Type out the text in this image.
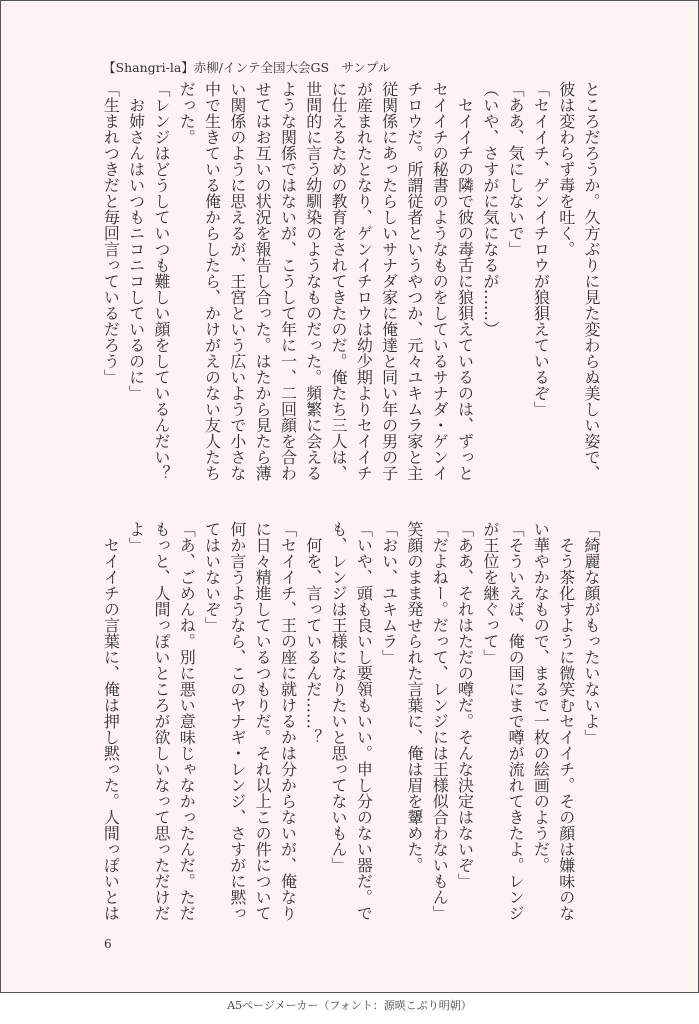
【Shangri-la】赤柳/インテ全国大会GS　サンプル
ところだろうか。久方ぶりに見た変わらぬ美しい姿で、
彼は変わらず毒を吐く。
「セイイチ、ゲンイチロウが狼狽えているぞ」
「ああ、気にしないで」
（いや、さすがに気になるが……）
　セイイチの隣で彼の毒舌に狼狽えているのは、ずっと
セイイチの秘書のようなものをしているサナダ・ゲンイ
チロウだ。所謂従者というやつか、元々ユキムラ家と主
従関係にあったらしいサナダ家に俺達と同い年の男の子
が産まれたとなり、ゲンイチロウは幼少期よりセイイチ
に仕えるための教育をされてきたのだ。俺たち三人は、
世間的に言う幼馴染のようなものだった。頻繁に会える
ような関係ではないが、こうして年に一、二回顔を合わ
せてはお互いの状況を報告し合った。はたから見たら薄
い関係のように思えるが、王宮という広いようで小さな
中で生きている俺からしたら、かけがえのない友人たち
だった。
「レンジはどうしていつも難しい顔をしているんだい？
　お姉さんはいつもニコニコしているのに」
「生まれつきだと毎回言っているだろう」
「綺麗な顔がもったいないよ」
　そう茶化すように微笑むセイイチ。その顔は嫌味のな
い華やかなもので、まるで一枚の絵画のようだ。
「そういえば、俺の国にまで噂が流れてきたよ。レンジ
が王位を継ぐって」
「ああ、それはただの噂だ。そんな決定はないぞ」
「だよねー。だって、レンジには王様似合わないもん」
笑顔のまま発せられた言葉に、俺は眉を顰めた。
「おい、ユキムラ」
「いや、頭も良いし要領もいい。申し分のない器だ。で
も、レンジは王様になりたいと思ってないもん」
　何を、言っているんだ……？
「セイイチ、王の座に就けるかは分からないが、俺なり
に日々精進しているつもりだ。それ以上この件について
何か言うようなら、このヤナギ・レンジ、さすがに黙っ
てはいないぞ」
「あ、ごめんね。別に悪い意味じゃなかったんだ。ただ
もっと、人間っぽいところが欲しいなって思っただけだ
よ」
　セイイチの言葉に、俺は押し黙った。人間っぽいとは
6
A5ページメーカー（フォント：源暎こぶり明朝）
